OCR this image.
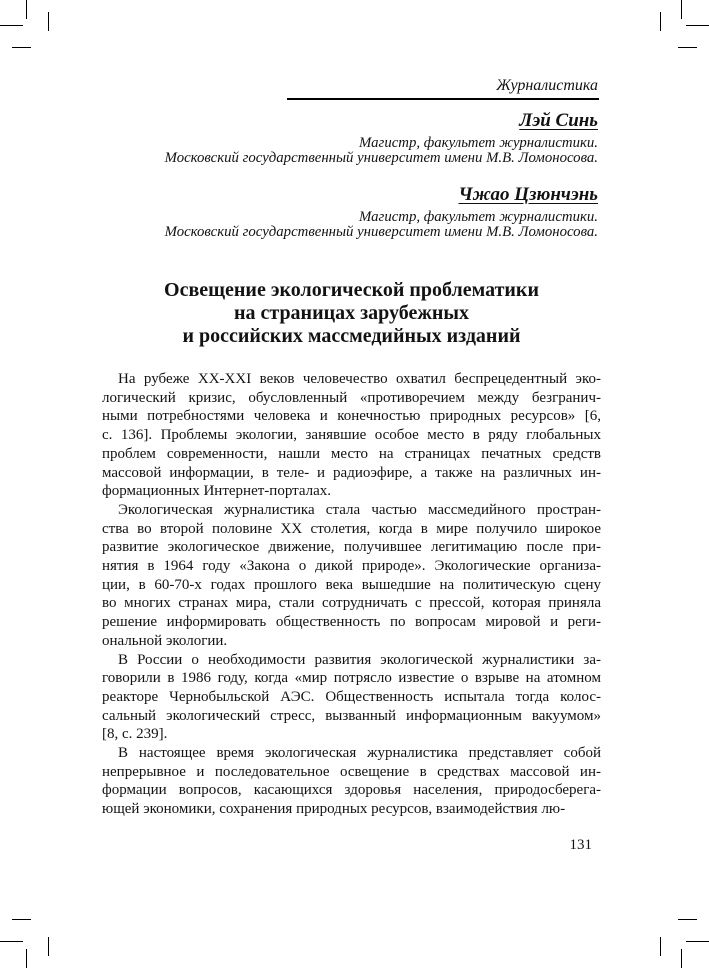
Журналистика
Лэй Синь
Магистр, факультет журналистики.
Московский государственный университет имени М.В. Ломоносова.
Чжао Цзюнчэнь
Магистр, факультет журналистики.
Московский государственный университет имени М.В. Ломоносова.
Освещение экологической проблематики
на страницах зарубежных
и российских массмедийных изданий
На рубеже XX-XXI веков человечество охватил беспрецедентный эко-
логический кризис, обусловленный «противоречием между безгранич-
ными потребностями человека и конечностью природных ресурсов» [6,
с. 136]. Проблемы экологии, занявшие особое место в ряду глобальных
проблем современности, нашли место на страницах печатных средств
массовой информации, в теле- и радиоэфире, а также на различных ин-
формационных Интернет-порталах.
Экологическая журналистика стала частью массмедийного простран-
ства во второй половине XX столетия, когда в мире получило широкое
развитие экологическое движение, получившее легитимацию после при-
нятия в 1964 году «Закона о дикой природе». Экологические организа-
ции, в 60-70-х годах прошлого века вышедшие на политическую сцену
во многих странах мира, стали сотрудничать с прессой, которая приняла
решение информировать общественность по вопросам мировой и реги-
ональной экологии.
В России о необходимости развития экологической журналистики за-
говорили в 1986 году, когда «мир потрясло известие о взрыве на атомном
реакторе Чернобыльской АЭС. Общественность испытала тогда колос-
сальный экологический стресс, вызванный информационным вакуумом»
[8, с. 239].
В настоящее время экологическая журналистика представляет собой
непрерывное и последовательное освещение в средствах массовой ин-
формации вопросов, касающихся здоровья населения, природосберега-
ющей экономики, сохранения природных ресурсов, взаимодействия лю-
131
